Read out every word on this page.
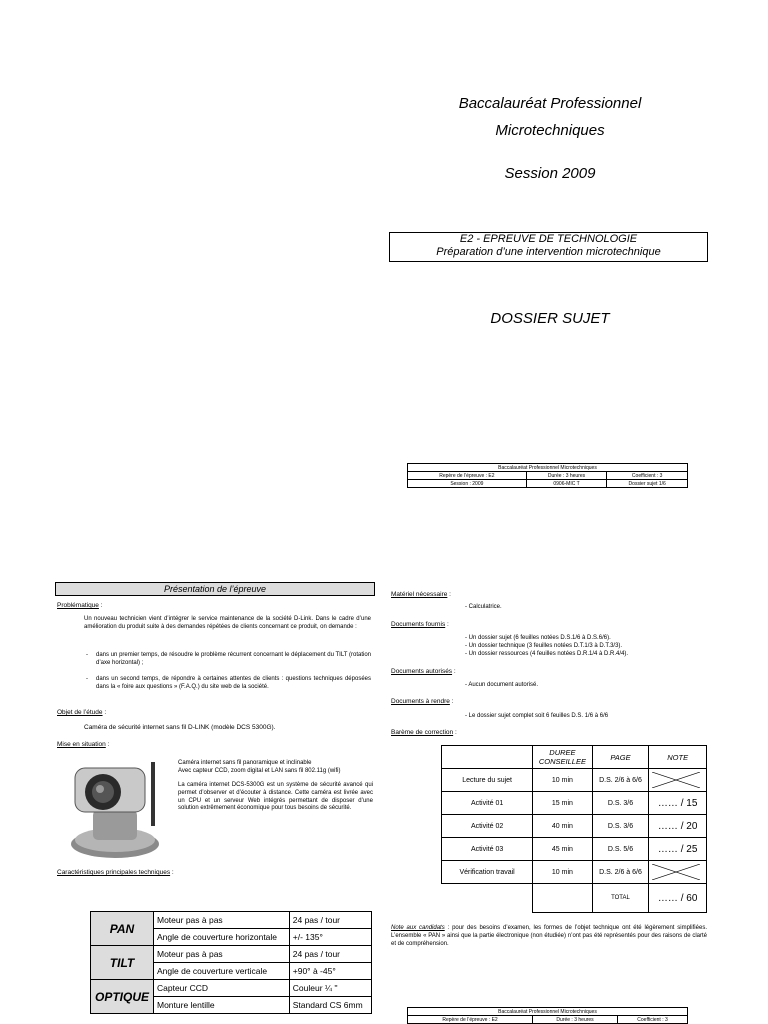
Baccalauréat Professionnel
Microtechniques
Session 2009
E2 - EPREUVE DE TECHNOLOGIE
Préparation d’une intervention microtechnique
DOSSIER SUJET
Baccalauréat Professionnel Microtechniques		
Repère de l’épreuve : E2	Durée : 3 heures	Coefficient : 3
Session : 2009	0906-MIC T	Dossier sujet 1/6
Présentation de l’épreuve
Problématique :
Un nouveau technicien vient d’intégrer le service maintenance de la société D-Link. Dans le cadre d’une amélioration du produit suite à des demandes répétées de clients concernant ce produit, on demande :
- dans un premier temps, de résoudre le problème récurrent concernant le déplacement du TILT (rotation d’axe horizontal) ;
- dans un second temps, de répondre à certaines attentes de clients : questions techniques déposées dans la « foire aux questions » (F.A.Q.) du site web de la société.
Objet de l’étude :
Caméra de sécurité internet sans fil D-LINK (modèle DCS 5300G).
Mise en situation :
Caméra internet sans fil panoramique et inclinable
Avec capteur CCD, zoom digital et LAN sans fil 802.11g (wifi)
La caméra internet DCS-5300G est un système de sécurité avancé qui permet d’observer et d’écouter à distance. Cette caméra est livrée avec un CPU et un serveur Web intégrés permettant de disposer d’une solution extrêmement économique pour tous besoins de sécurité.
Caractéristiques principales techniques :
PAN	Moteur pas à pas	24 pas / tour
	Angle de couverture horizontale	+/- 135°
TILT	Moteur pas à pas	24 pas / tour
	Angle de couverture verticale	+90° à -45°
OPTIQUE	Capteur CCD	Couleur ¼ ''
	Monture lentille	Standard CS 6mm
Matériel nécessaire :
- Calculatrice.
Documents fournis :
- Un dossier sujet (6 feuilles notées D.S.1/6 à D.S.6/6).
- Un dossier technique (3 feuilles notées D.T.1/3 à D.T.3/3).
- Un dossier ressources (4 feuilles notées D.R.1/4 à D.R.4/4).
Documents autorisés :
- Aucun document autorisé.
Documents à rendre :
- Le dossier sujet complet soit 6 feuilles D.S. 1/6 à 6/6
Barème de correction :
	DUREE CONSEILLEE	PAGE	NOTE
Lecture du sujet	10 min	D.S. 2/6 à 6/6	

Activité 01	15 min	D.S. 3/6	…… / 15
Activité 02	40 min	D.S. 3/6	…… / 20
Activité 03	45 min	D.S. 5/6	…… / 25
Vérification travail	10 min	D.S. 2/6 à 6/6	

		TOTAL	…… / 60
Note aux candidats : pour des besoins d’examen, les formes de l’objet technique ont été légèrement simplifiées. L’ensemble « PAN » ainsi que la partie électronique (non étudiée) n’ont pas été représentés pour des raisons de clarté et de compréhension.
Baccalauréat Professionnel Microtechniques
Repère de l’épreuve : E2	Durée : 3 heures	Coefficient : 3
